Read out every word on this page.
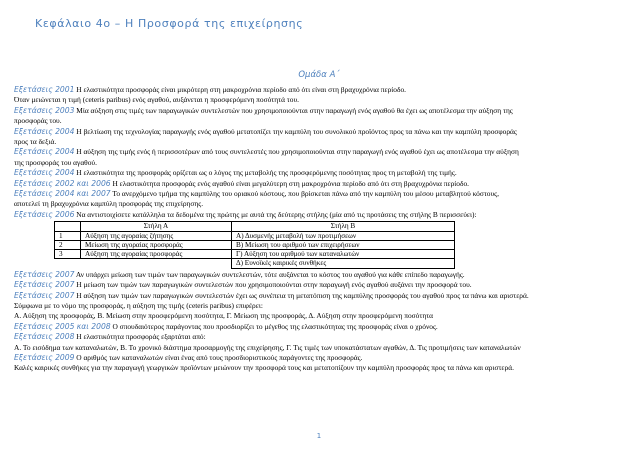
Κεφάλαιο 4ο – Η Προσφορά της επιχείρησης
Ομάδα Α΄
Εξετάσεις 2001 Η ελαστικότητα προσφοράς είναι μικρότερη στη μακροχρόνια περίοδο από ότι είναι στη βραχυχρόνια περίοδο.
Όταν μειώνεται η τιμή (ceteris paribus) ενός αγαθού, αυξάνεται η προσφερόμενη ποσότητά του.
Εξετάσεις 2003 Μία αύξηση στις τιμές των παραγωγικών συντελεστών που χρησιμοποιούνται στην παραγωγή ενός αγαθού θα έχει ως αποτέλεσμα την αύξηση της
προσφοράς του.
Εξετάσεις 2004 Η βελτίωση της τεχνολογίας παραγωγής ενός αγαθού μετατοπίζει την καμπύλη του συνολικού προϊόντος προς τα πάνω και την καμπύλη προσφοράς
προς τα δεξιά.
Εξετάσεις 2004 Η αύξηση της τιμής ενός ή περισσοτέρων από τους συντελεστές που χρησιμοποιούνται στην παραγωγή ενός αγαθού έχει ως αποτέλεσμα την αύξηση
της προσφοράς του αγαθού.
Εξετάσεις 2004 Η ελαστικότητα της προσφοράς ορίζεται ως ο λόγος της μεταβολής της προσφερόμενης ποσότητας προς τη μεταβολή της τιμής.
Εξετάσεις 2002 και 2006 Η ελαστικότητα προσφοράς ενός αγαθού είναι μεγαλύτερη στη μακροχρόνια περίοδο από ότι στη βραχυχρόνια περίοδο.
Εξετάσεις 2004 και 2007 Το ανερχόμενο τμήμα της καμπύλης του οριακού κόστους, που βρίσκεται πάνω από την καμπύλη του μέσου μεταβλητού κόστους,
αποτελεί τη βραχυχρόνια καμπύλη προσφοράς της επιχείρησης.
Εξετάσεις 2006 Να αντιστοιχίσετε κατάλληλα τα δεδομένα της πρώτης με αυτά της δεύτερης στήλης (μία από τις προτάσεις της στήλης Β περισσεύει):
	Στήλη Α	Στήλη Β
1	Αύξηση της αγοραίας ζήτησης	Α) Δυσμενής μεταβολή των προτιμήσεων
2	Μείωση της αγοραίας προσφοράς	Β) Μείωση του αριθμού των επιχειρήσεων
3	Αύξηση της αγοραίας προσφοράς	Γ) Αύξηση του αριθμού των καταναλωτών
		Δ) Ευνοϊκές καιρικές συνθήκες
Εξετάσεις 2007 Αν υπάρχει μείωση των τιμών των παραγωγικών συντελεστών, τότε αυξάνεται το κόστος του αγαθού για κάθε επίπεδο παραγωγής.
Εξετάσεις 2007 Η μείωση των τιμών των παραγωγικών συντελεστών που χρησιμοποιούνται στην παραγωγή ενός αγαθού αυξάνει την προσφορά του.
Εξετάσεις 2007 Η αύξηση των τιμών των παραγωγικών συντελεστών έχει ως συνέπεια τη μετατόπιση της καμπύλης προσφοράς του αγαθού προς τα πάνω και αριστερά.
Σύμφωνα με το νόμο της προσφοράς, η αύξηση της τιμής (ceteris paribus) επιφέρει:
Α. Αύξηση της προσφοράς, Β. Μείωση στην προσφερόμενη ποσότητα, Γ. Μείωση της προσφοράς, Δ. Αύξηση στην προσφερόμενη ποσότητα
Εξετάσεις 2005 και 2008 Ο σπουδαιότερος παράγοντας που προσδιορίζει το μέγεθος της ελαστικότητας της προσφοράς είναι ο χρόνος.
Εξετάσεις 2008 Η ελαστικότητα προσφοράς εξαρτάται από:
Α. Το εισόδημα των καταναλωτών, Β. Το χρονικό διάστημα προσαρμογής της επιχείρησης, Γ. Τις τιμές των υποκατάστατων αγαθών, Δ. Τις προτιμήσεις των καταναλωτών
Εξετάσεις 2009 Ο αριθμός των καταναλωτών είναι ένας από τους προσδιοριστικούς παράγοντες της προσφοράς.
Καλές καιρικές συνθήκες για την παραγωγή γεωργικών προϊόντων μειώνουν την προσφορά τους και μετατοπίζουν την καμπύλη προσφοράς προς τα πάνω και αριστερά.
1
